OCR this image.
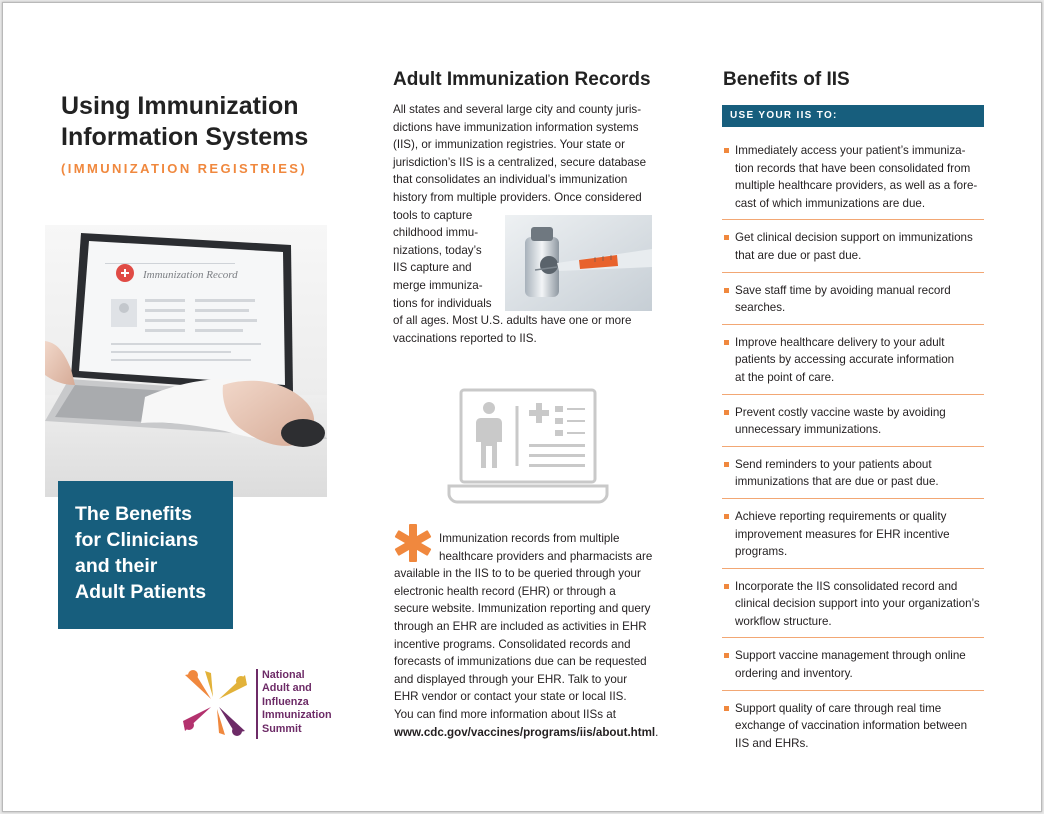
Using Immunization
Information Systems
(IMMUNIZATION REGISTRIES)
Immunization Record
The Benefits
for Clinicians
and their
Adult Patients
National
Adult and
Influenza
Immunization
Summit
Adult Immunization Records
All states and several large city and county juris-
dictions have immunization information systems
(IIS), or immunization registries. Your state or
jurisdiction’s IIS is a centralized, secure database
that consolidates an individual’s immunization
history from multiple providers. Once considered
tools to capture
childhood immu-
nizations, today’s
IIS capture and
merge immuniza-
tions for individuals
of all ages. Most U.S. adults have one or more
vaccinations reported to IIS.
Immunization records from multiple
healthcare providers and pharmacists are
available in the IIS to to be queried through your
electronic health record (EHR) or through a
secure website. Immunization reporting and query
through an EHR are included as activities in EHR
incentive programs. Consolidated records and
forecasts of immunizations due can be requested
and displayed through your EHR. Talk to your
EHR vendor or contact your state or local IIS.
You can find more information about IISs at
www.cdc.gov/vaccines/programs/iis/about.html.
Benefits of IIS
USE YOUR IIS TO:
Immediately access your patient’s immuniza-
tion records that have been consolidated from
multiple healthcare providers, as well as a fore-
cast of which immunizations are due.
Get clinical decision support on immunizations
that are due or past due.
Save staff time by avoiding manual record
searches.
Improve healthcare delivery to your adult
patients by accessing accurate information
at the point of care.
Prevent costly vaccine waste by avoiding
unnecessary immunizations.
Send reminders to your patients about
immunizations that are due or past due.
Achieve reporting requirements or quality
improvement measures for EHR incentive
programs.
Incorporate the IIS consolidated record and
clinical decision support into your organization’s
workflow structure.
Support vaccine management through online
ordering and inventory.
Support quality of care through real time
exchange of vaccination information between
IIS and EHRs.
